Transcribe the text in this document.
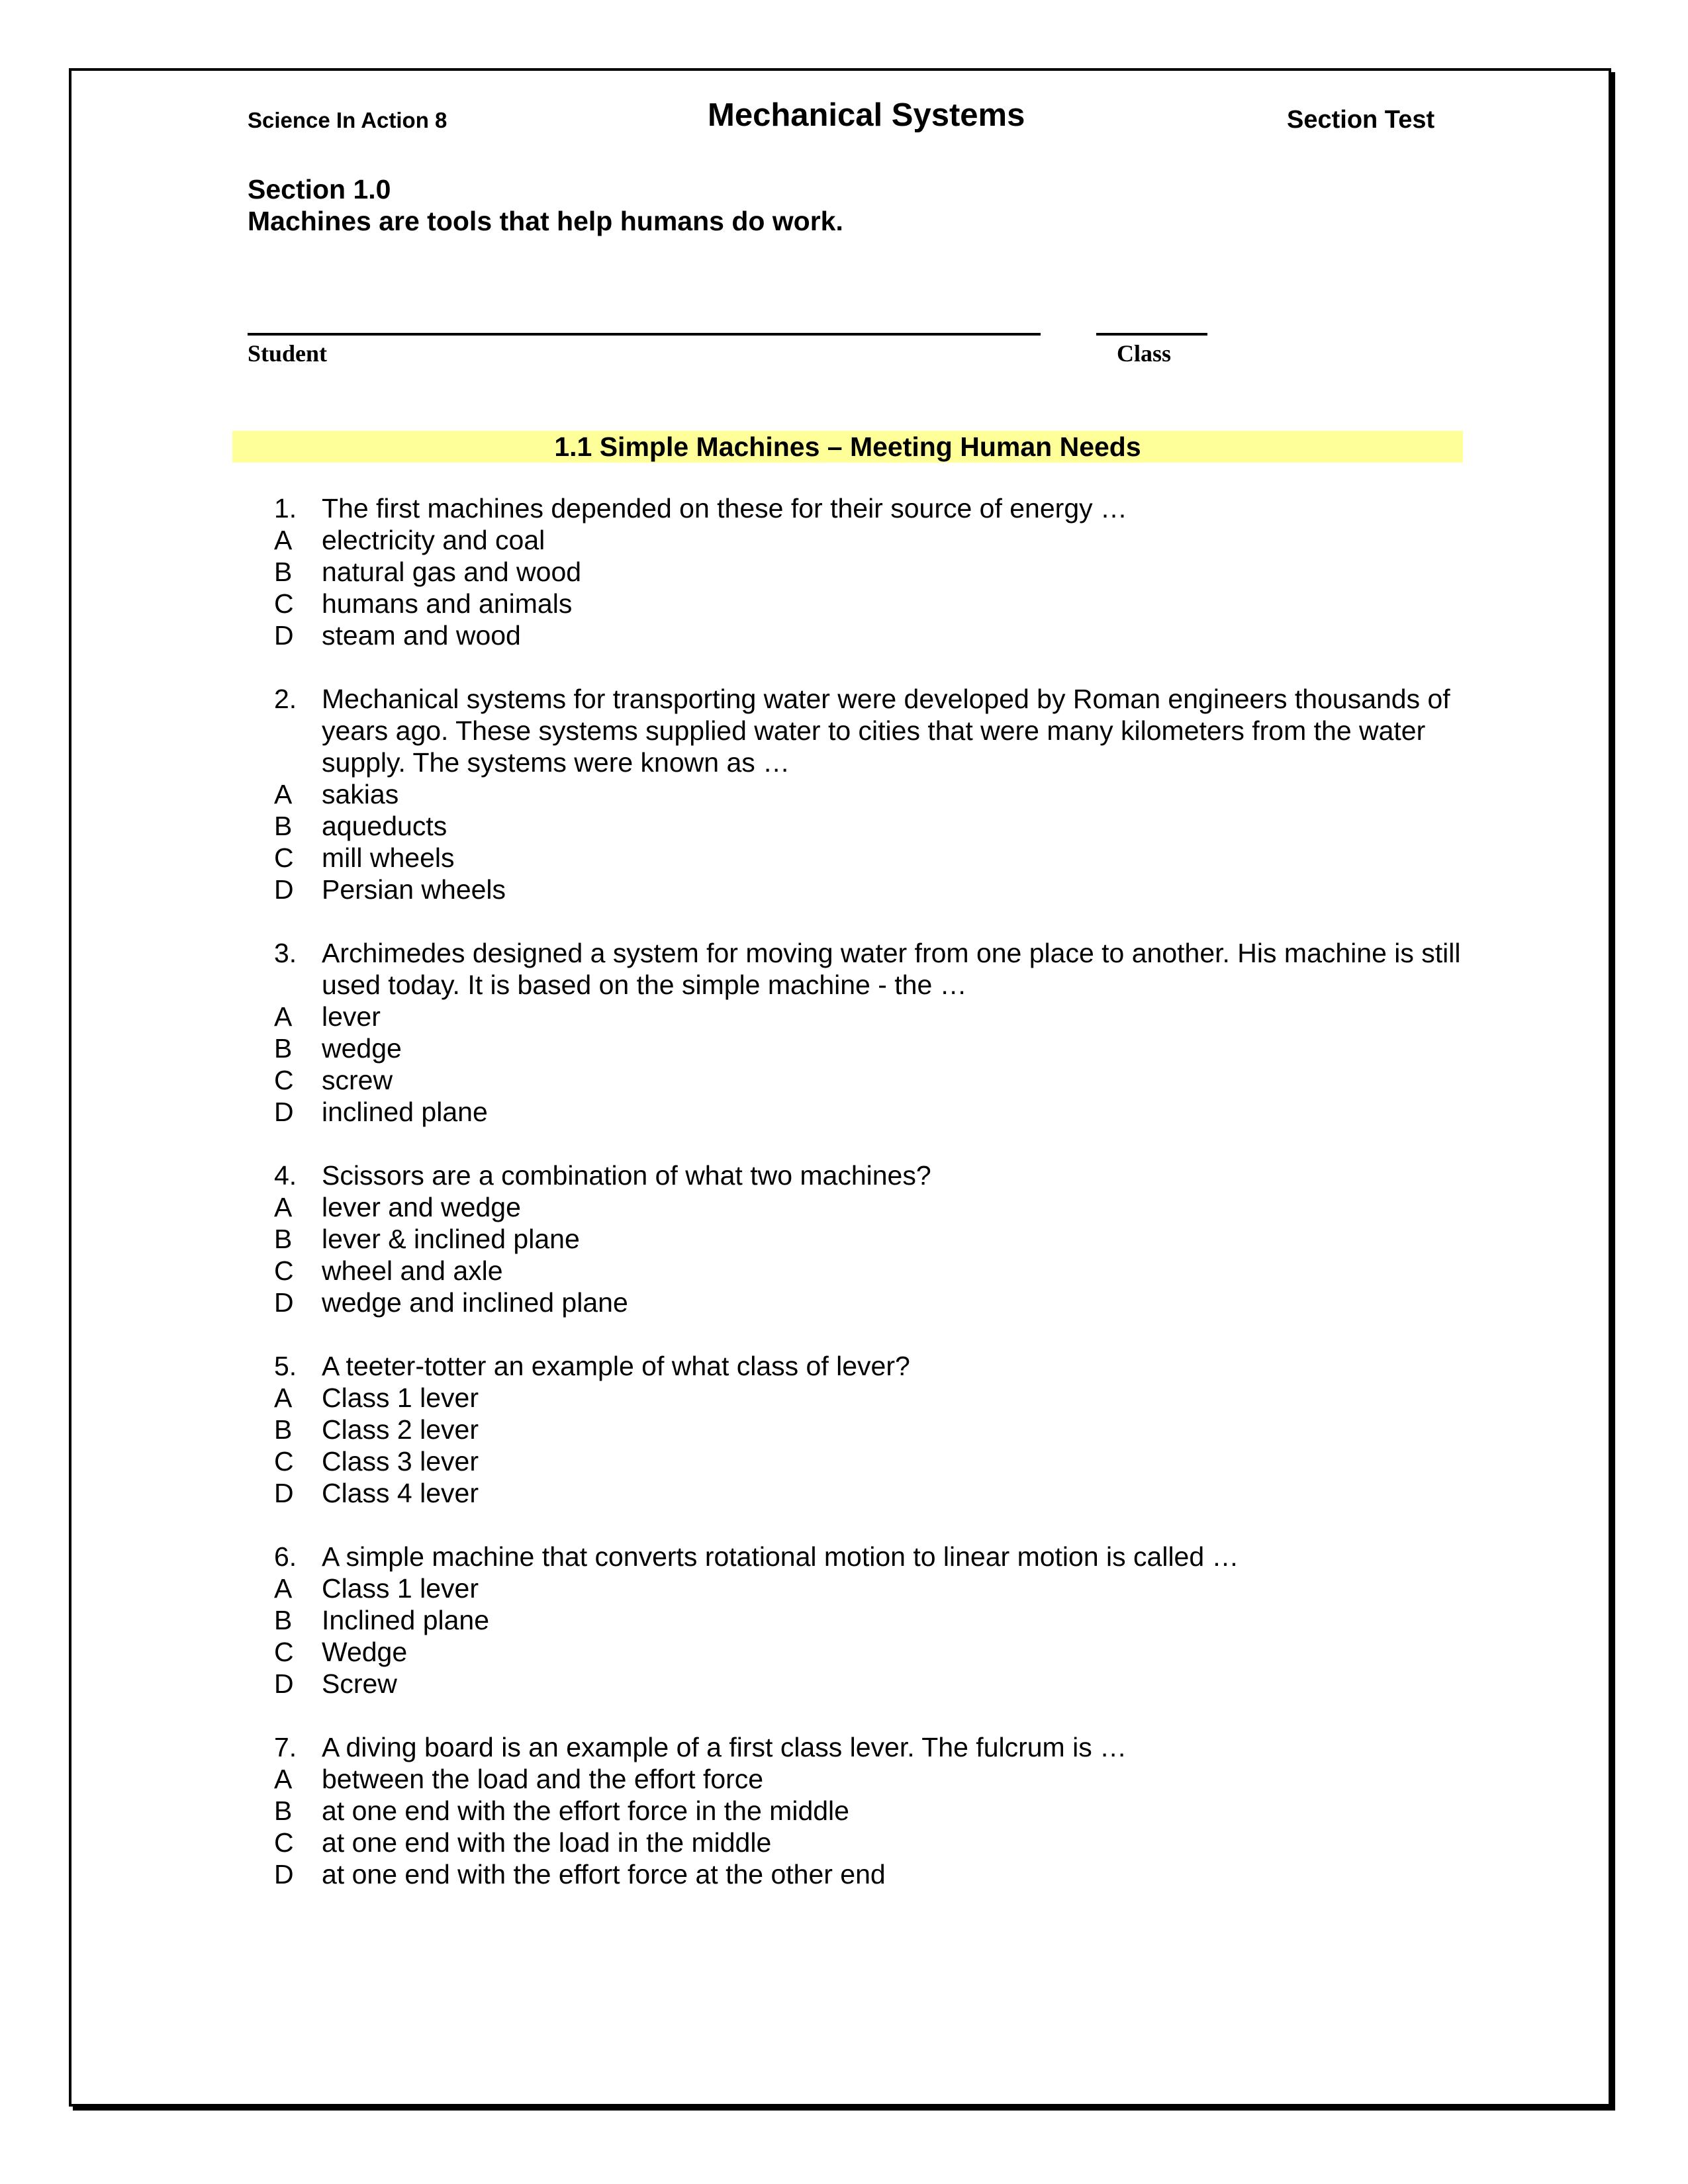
Science In Action 8	Mechanical Systems	Section Test
Section 1.0
Machines are tools that help humans do work.
Student	Class
1.1 Simple Machines – Meeting Human Needs
1. The first machines depended on these for their source of energy …
A	electricity and coal
B	natural gas and wood
C	humans and animals
D	steam and wood
2. Mechanical systems for transporting water were developed by Roman engineers thousands of years ago. These systems supplied water to cities that were many kilometers from the water supply. The systems were known as …
A	sakias
B	aqueducts
C	mill wheels
D	Persian wheels
3. Archimedes designed a system for moving water from one place to another. His machine is still used today. It is based on the simple machine - the …
A	lever
B	wedge
C	screw
D	inclined plane
4. Scissors are a combination of what two machines?
A	lever and wedge
B	lever & inclined plane
C	wheel and axle
D	wedge and inclined plane
5. A teeter-totter an example of what class of lever?
A	Class 1 lever
B	Class 2 lever
C	Class 3 lever
D	Class 4 lever
6. A simple machine that converts rotational motion to linear motion is called …
A	Class 1 lever
B	Inclined plane
C	Wedge
D	Screw
7. A diving board is an example of a first class lever. The fulcrum is …
A	between the load and the effort force
B	at one end with the effort force in the middle
C	at one end with the load in the middle
D	at one end with the effort force at the other end
